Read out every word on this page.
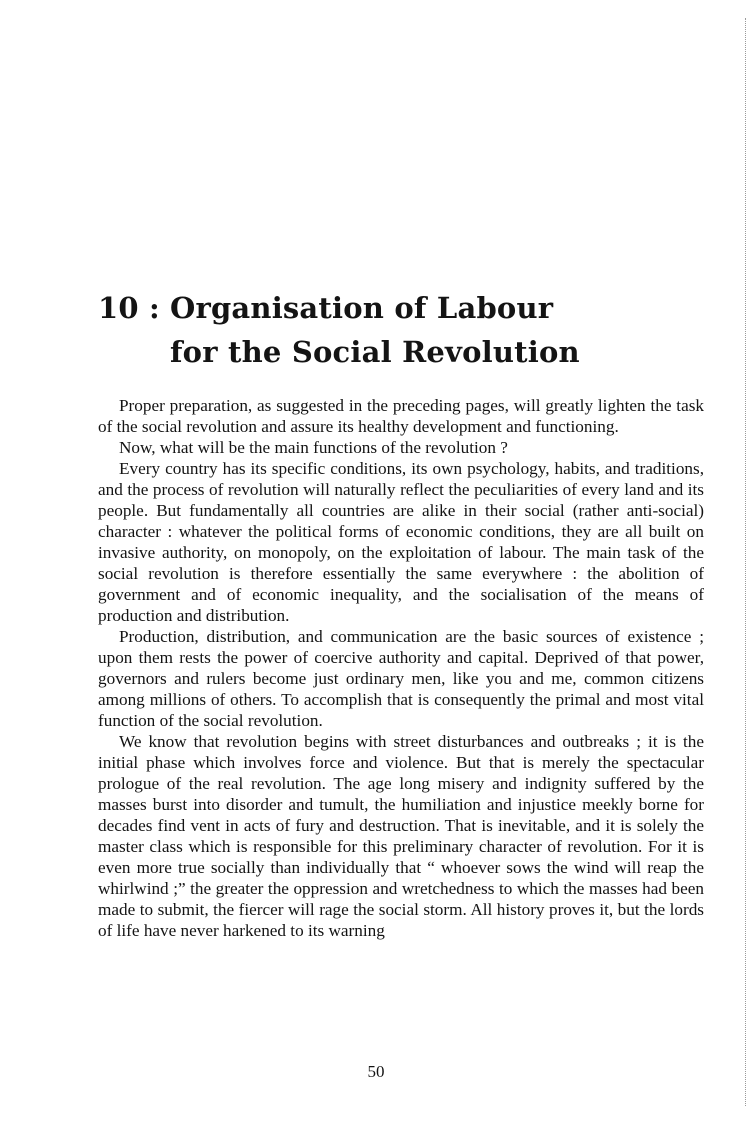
10 : Organisation of Labour
for the Social Revolution

Proper preparation, as suggested in the preceding pages, will greatly lighten the task of the social revolution and assure its healthy development and functioning.

Now, what will be the main functions of the revolution ?

Every country has its specific conditions, its own psychology, habits, and traditions, and the process of revolution will naturally reflect the peculiarities of every land and its people. But fundamentally all countries are alike in their social (rather anti-social) character : whatever the political forms of economic conditions, they are all built on invasive authority, on monopoly, on the exploitation of labour. The main task of the social revolution is therefore essentially the same everywhere : the abolition of government and of economic inequality, and the socialisation of the means of production and distribution.

Production, distribution, and communication are the basic sources of existence ; upon them rests the power of coercive authority and capital. Deprived of that power, governors and rulers become just ordinary men, like you and me, common citizens among millions of others. To accomplish that is consequently the primal and most vital function of the social revolution.

We know that revolution begins with street disturbances and outbreaks ; it is the initial phase which involves force and violence. But that is merely the spectacular prologue of the real revolution. The age long misery and indignity suffered by the masses burst into disorder and tumult, the humiliation and injustice meekly borne for decades find vent in acts of fury and destruction. That is inevitable, and it is solely the master class which is responsible for this preliminary character of revolution. For it is even more true socially than individually that “ whoever sows the wind will reap the whirlwind ;” the greater the oppression and wretchedness to which the masses had been made to submit, the fiercer will rage the social storm. All history proves it, but the lords of life have never harkened to its warning

50
